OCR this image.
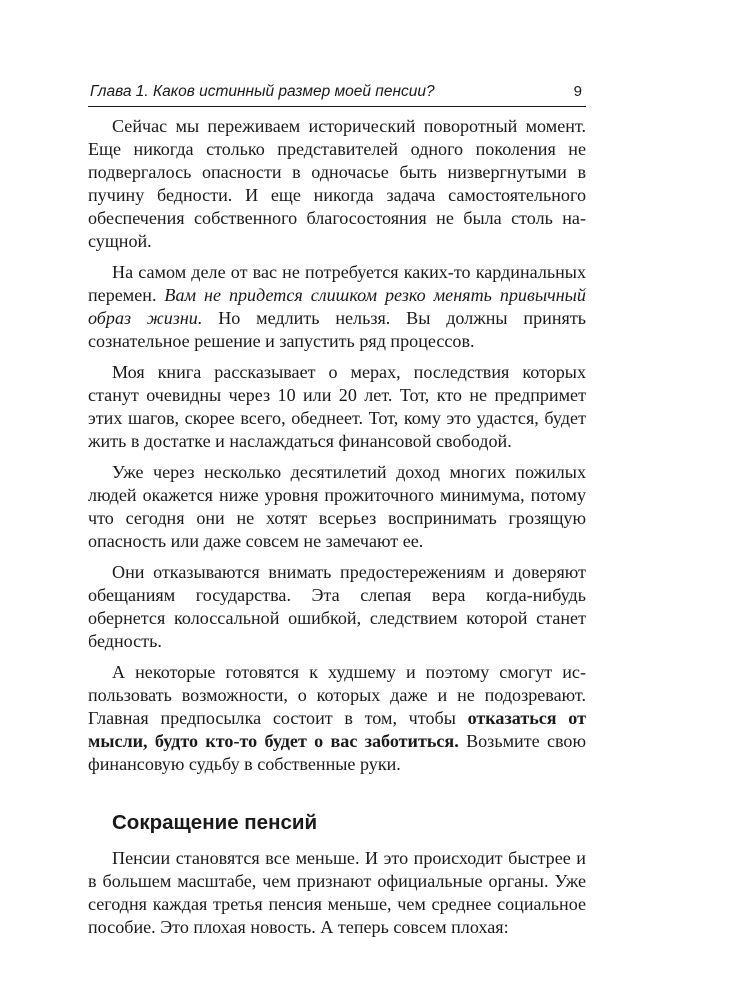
Глава 1. Каков истинный размер моей пенсии?	9

Сейчас мы переживаем исторический поворотный момент. Еще никогда столько представителей одного поколения не подвергалось опасности в одночасье быть низвергнутыми в пучину бедности. И еще никогда задача самостоятельного обеспечения собственного благосостояния не была столь насущной.

На самом деле от вас не потребуется каких-то кардинальных перемен. Вам не придется слишком резко менять привычный образ жизни. Но медлить нельзя. Вы должны принять сознательное решение и запустить ряд процессов.

Моя книга рассказывает о мерах, последствия которых станут очевидны через 10 или 20 лет. Тот, кто не предпримет этих шагов, скорее всего, обеднеет. Тот, кому это удастся, будет жить в достатке и наслаждаться финансовой свободой.

Уже через несколько десятилетий доход многих пожилых людей окажется ниже уровня прожиточного минимума, потому что сегодня они не хотят всерьез воспринимать грозящую опасность или даже совсем не замечают ее.

Они отказываются внимать предостережениям и доверяют обещаниям государства. Эта слепая вера когда-нибудь обернется колоссальной ошибкой, следствием которой станет бедность.

А некоторые готовятся к худшему и поэтому смогут использовать возможности, о которых даже и не подозревают. Главная предпосылка состоит в том, чтобы отказаться от мысли, будто кто-то будет о вас заботиться. Возьмите свою финансовую судьбу в собственные руки.

Сокращение пенсий

Пенсии становятся все меньше. И это происходит быстрее и в большем масштабе, чем признают официальные органы. Уже сегодня каждая третья пенсия меньше, чем среднее социальное пособие. Это плохая новость. А теперь совсем плохая:
